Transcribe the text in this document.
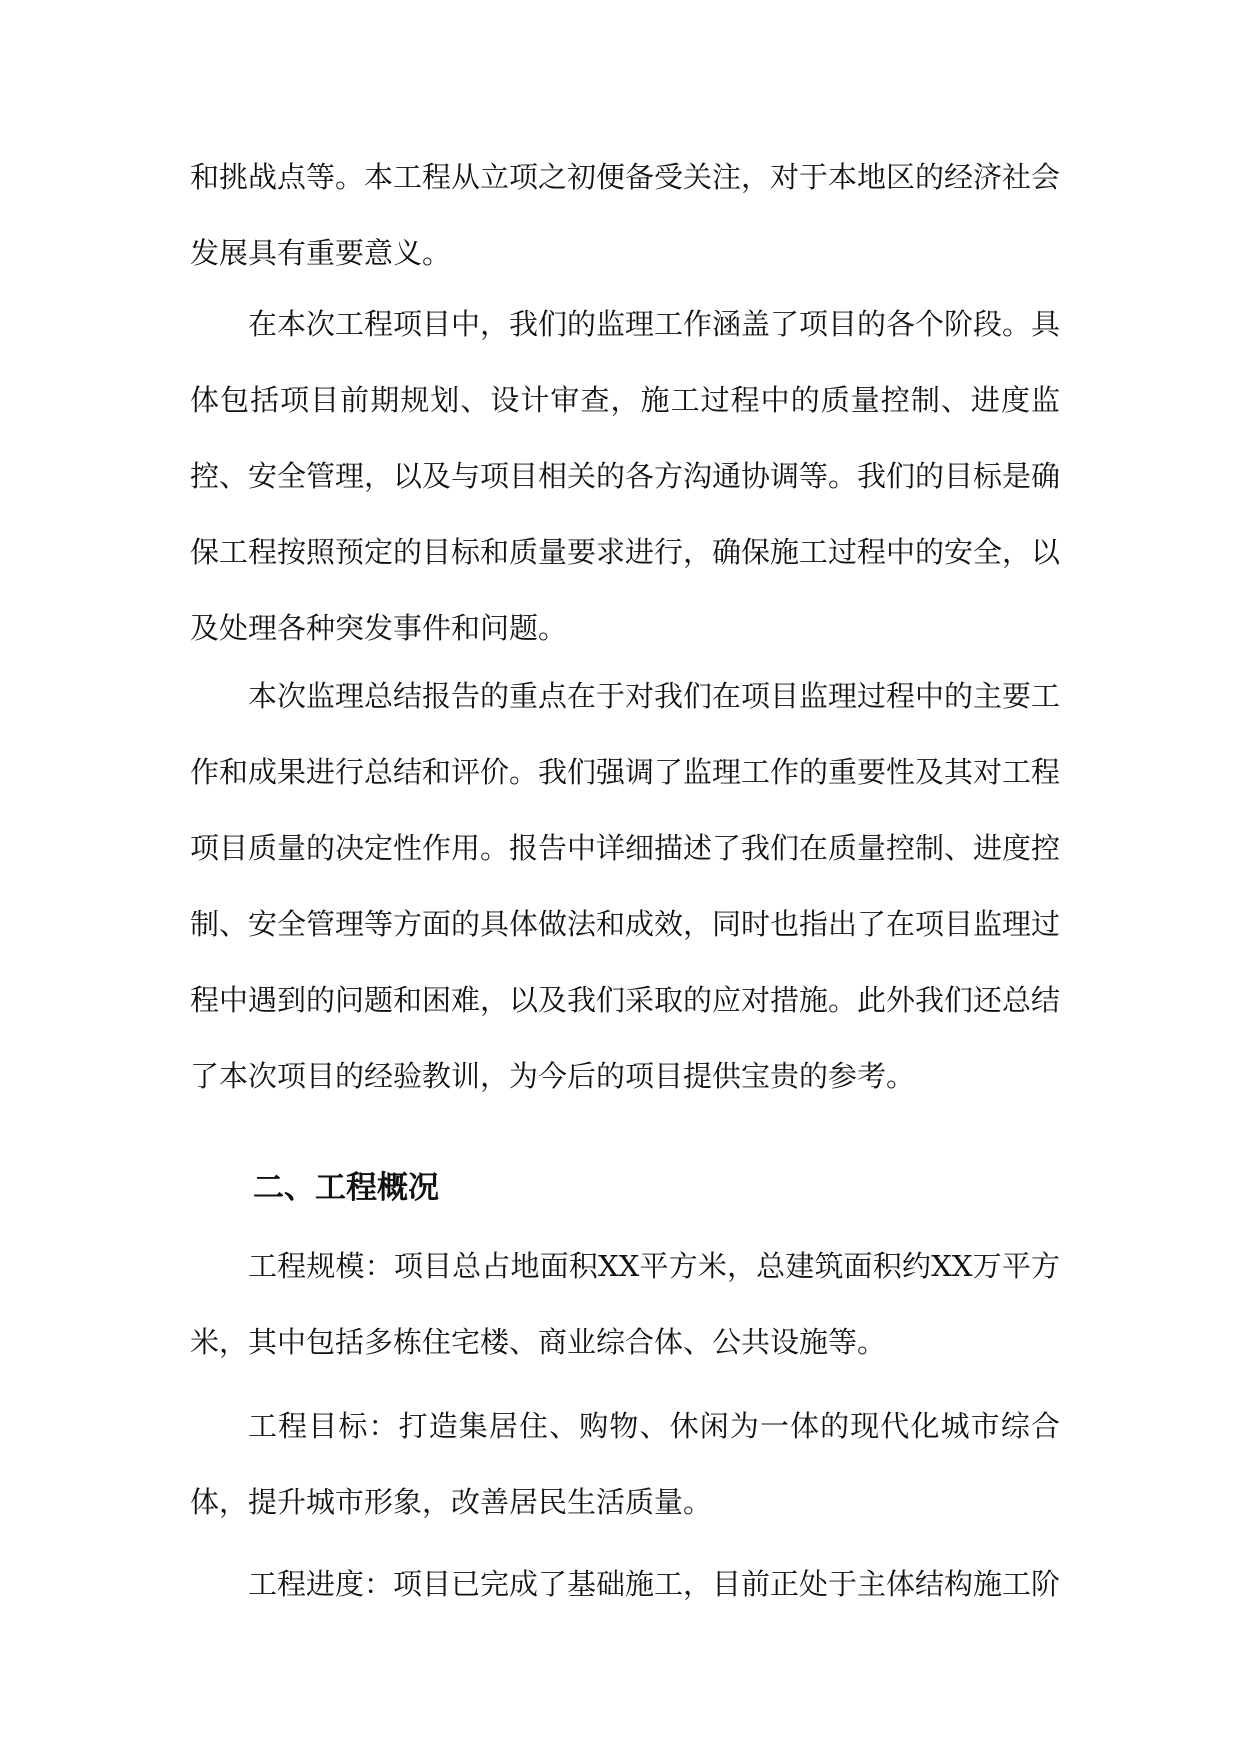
和挑战点等。本工程从立项之初便备受关注，对于本地区的经济社会发展具有重要意义。

在本次工程项目中，我们的监理工作涵盖了项目的各个阶段。具体包括项目前期规划、设计审查，施工过程中的质量控制、进度监控、安全管理，以及与项目相关的各方沟通协调等。我们的目标是确保工程按照预定的目标和质量要求进行，确保施工过程中的安全，以及处理各种突发事件和问题。

本次监理总结报告的重点在于对我们在项目监理过程中的主要工作和成果进行总结和评价。我们强调了监理工作的重要性及其对工程项目质量的决定性作用。报告中详细描述了我们在质量控制、进度控制、安全管理等方面的具体做法和成效，同时也指出了在项目监理过程中遇到的问题和困难，以及我们采取的应对措施。此外我们还总结了本次项目的经验教训，为今后的项目提供宝贵的参考。

二、工程概况

工程规模：项目总占地面积XX平方米，总建筑面积约XX万平方米，其中包括多栋住宅楼、商业综合体、公共设施等。

工程目标：打造集居住、购物、休闲为一体的现代化城市综合体，提升城市形象，改善居民生活质量。

工程进度：项目已完成了基础施工，目前正处于主体结构施工阶
